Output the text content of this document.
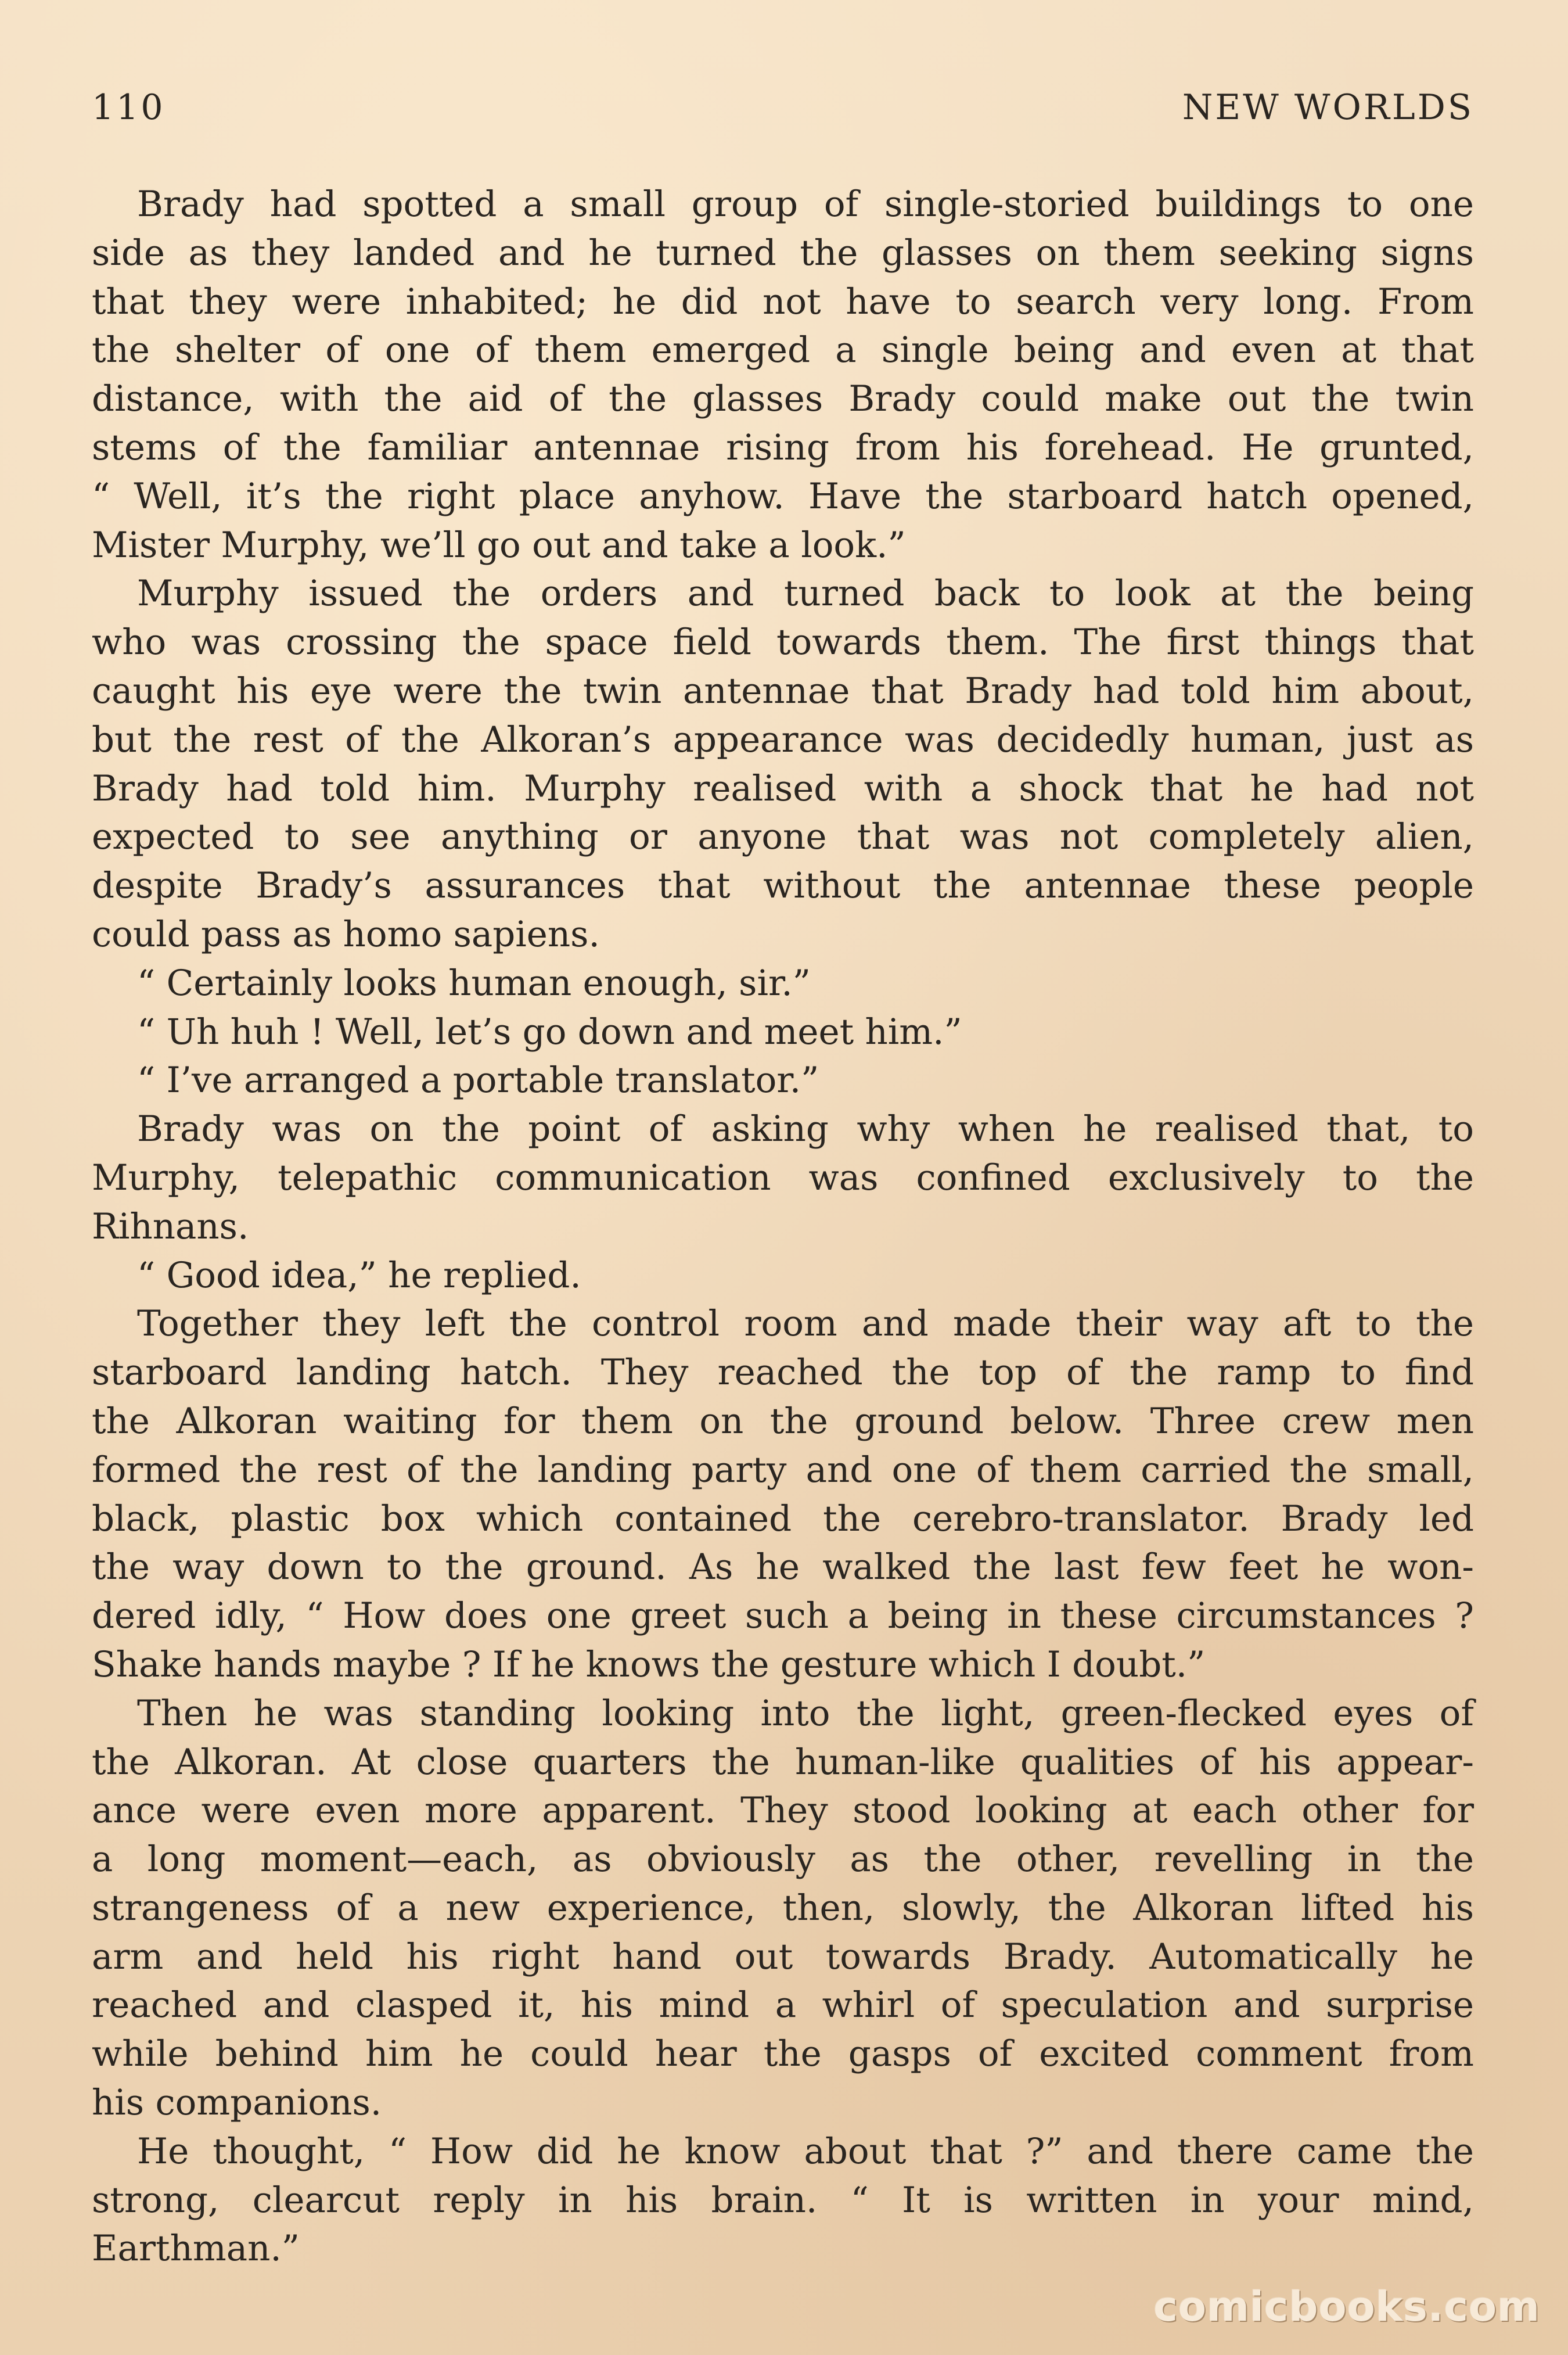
110	NEW WORLDS
Brady had spotted a small group of single-storied buildings to one
side as they landed and he turned the glasses on them seeking signs
that they were inhabited; he did not have to search very long. From
the shelter of one of them emerged a single being and even at that
distance, with the aid of the glasses Brady could make out the twin
stems of the familiar antennae rising from his forehead. He grunted,
“ Well, it’s the right place anyhow. Have the starboard hatch opened,
Mister Murphy, we’ll go out and take a look.”
Murphy issued the orders and turned back to look at the being
who was crossing the space field towards them. The first things that
caught his eye were the twin antennae that Brady had told him about,
but the rest of the Alkoran’s appearance was decidedly human, just as
Brady had told him. Murphy realised with a shock that he had not
expected to see anything or anyone that was not completely alien,
despite Brady’s assurances that without the antennae these people
could pass as homo sapiens.
“ Certainly looks human enough, sir.”
“ Uh huh ! Well, let’s go down and meet him.”
“ I’ve arranged a portable translator.”
Brady was on the point of asking why when he realised that, to
Murphy, telepathic communication was confined exclusively to the
Rihnans.
“ Good idea,” he replied.
Together they left the control room and made their way aft to the
starboard landing hatch. They reached the top of the ramp to find
the Alkoran waiting for them on the ground below. Three crew men
formed the rest of the landing party and one of them carried the small,
black, plastic box which contained the cerebro-translator. Brady led
the way down to the ground. As he walked the last few feet he won-
dered idly, “ How does one greet such a being in these circumstances ?
Shake hands maybe ? If he knows the gesture which I doubt.”
Then he was standing looking into the light, green-flecked eyes of
the Alkoran. At close quarters the human-like qualities of his appear-
ance were even more apparent. They stood looking at each other for
a long moment—each, as obviously as the other, revelling in the
strangeness of a new experience, then, slowly, the Alkoran lifted his
arm and held his right hand out towards Brady. Automatically he
reached and clasped it, his mind a whirl of speculation and surprise
while behind him he could hear the gasps of excited comment from
his companions.
He thought, “ How did he know about that ?” and there came the
strong, clearcut reply in his brain. “ It is written in your mind,
Earthman.”
comicbooks.com
